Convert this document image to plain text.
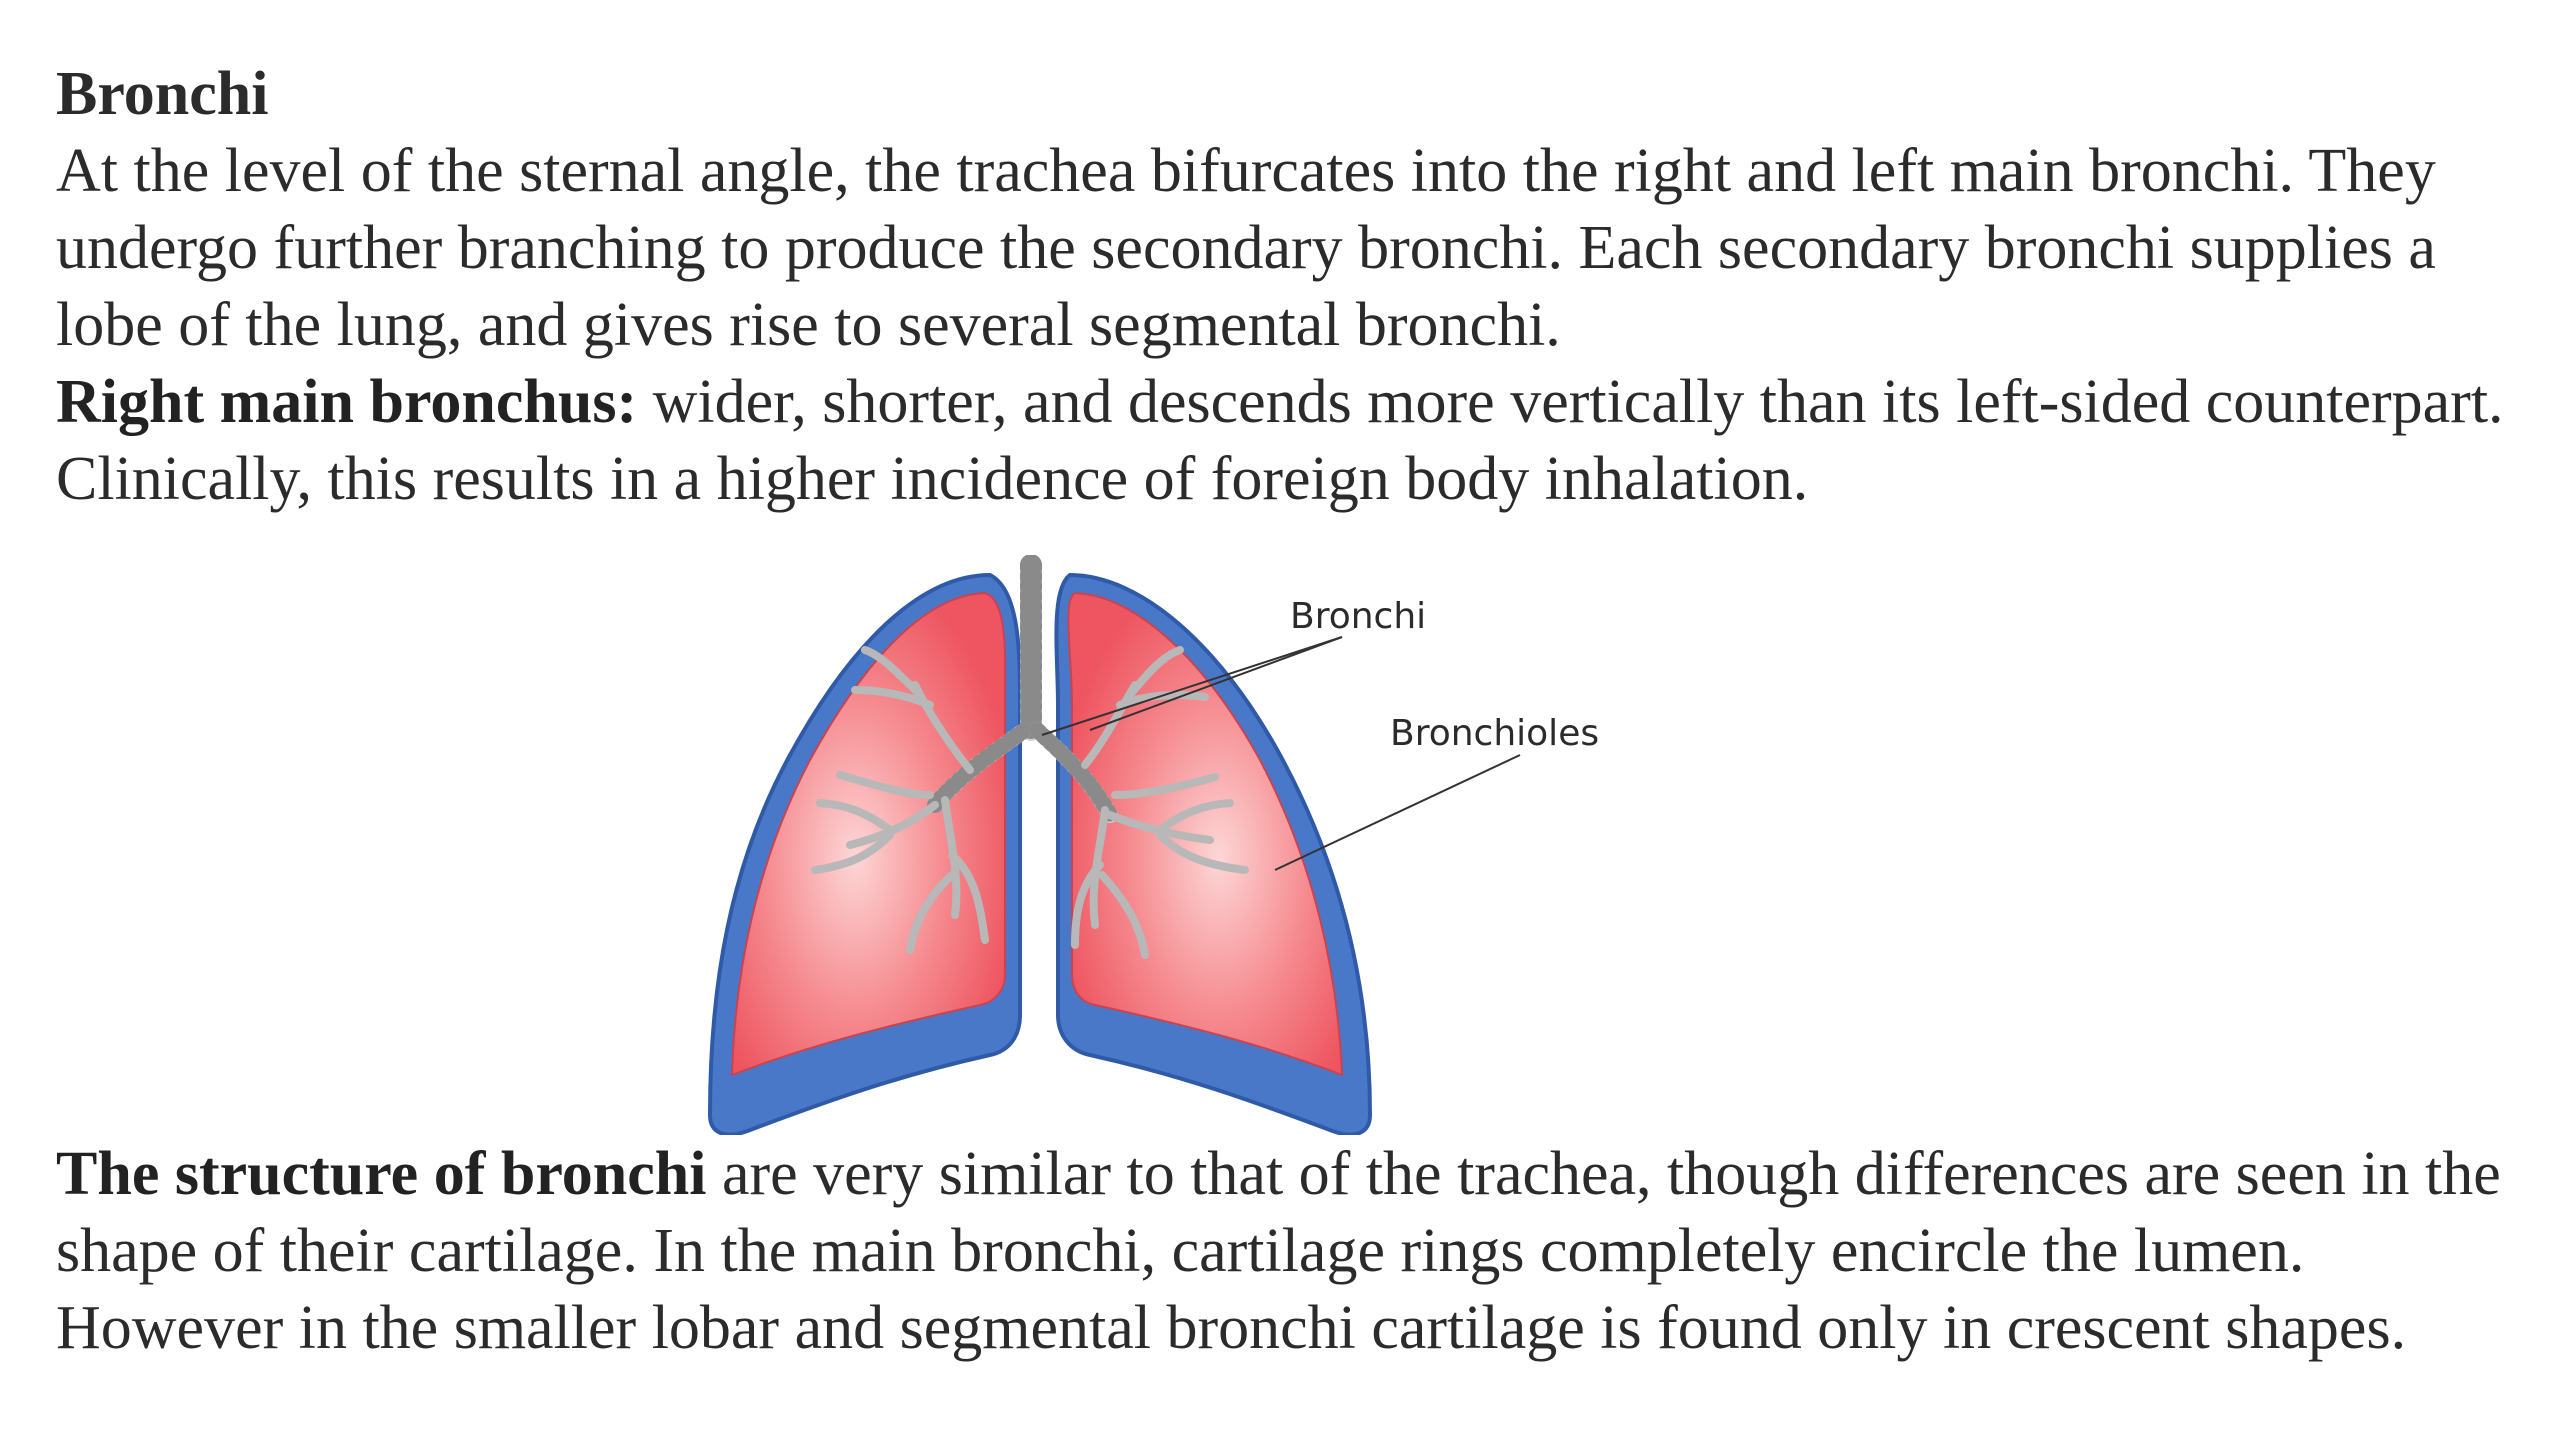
Bronchi

At the level of the sternal angle, the trachea bifurcates into the right and left main bronchi. They undergo further branching to produce the secondary bronchi. Each secondary bronchi supplies a lobe of the lung, and gives rise to several segmental bronchi.

Right main bronchus: wider, shorter, and descends more vertically than its left-sided counterpart. Clinically, this results in a higher incidence of foreign body inhalation.

Bronchi
Bronchioles

The structure of bronchi are very similar to that of the trachea, though differences are seen in the shape of their cartilage. In the main bronchi, cartilage rings completely encircle the lumen. However in the smaller lobar and segmental bronchi cartilage is found only in crescent shapes.
